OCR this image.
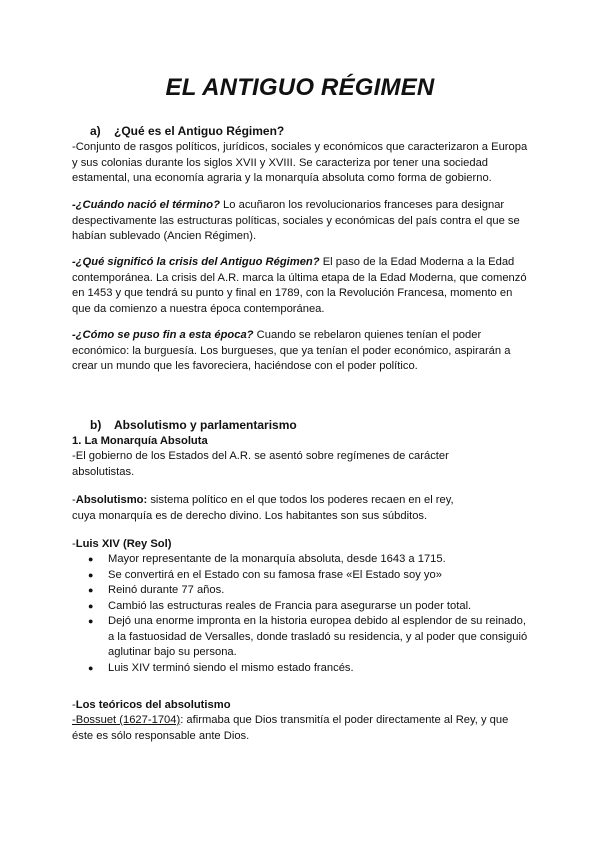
EL ANTIGUO RÉGIMEN
a) ¿Qué es el Antiguo Régimen?

-Conjunto de rasgos políticos, jurídicos, sociales y económicos que caracterizaron a Europa y sus colonias durante los siglos XVII y XVIII. Se caracteriza por tener una sociedad estamental, una economía agraria y la monarquía absoluta como forma de gobierno.

-¿Cuándo nació el término? Lo acuñaron los revolucionarios franceses para designar despectivamente las estructuras políticas, sociales y económicas del país contra el que se habían sublevado (Ancien Régimen).

-¿Qué significó la crisis del Antiguo Régimen? El paso de la Edad Moderna a la Edad contemporánea. La crisis del A.R. marca la última etapa de la Edad Moderna, que comenzó en 1453 y que tendrá su punto y final en 1789, con la Revolución Francesa, momento en que da comienzo a nuestra época contemporánea.

-¿Cómo se puso fin a esta época? Cuando se rebelaron quienes tenían el poder económico: la burguesía. Los burgueses, que ya tenían el poder económico, aspirarán a crear un mundo que les favoreciera, haciéndose con el poder político.

b) Absolutismo y parlamentarismo

1. La Monarquía Absoluta

-El gobierno de los Estados del A.R. se asentó sobre regímenes de carácter absolutistas.

-Absolutismo: sistema político en el que todos los poderes recaen en el rey, cuya monarquía es de derecho divino. Los habitantes son sus súbditos.

-Luis XIV (Rey Sol)

● Mayor representante de la monarquía absoluta, desde 1643 a 1715.
● Se convertirá en el Estado con su famosa frase «El Estado soy yo»
● Reinó durante 77 años.
● Cambió las estructuras reales de Francia para asegurarse un poder total.
● Dejó una enorme impronta en la historia europea debido al esplendor de su reinado, a la fastuosidad de Versalles, donde trasladó su residencia, y al poder que consiguió aglutinar bajo su persona.
● Luis XIV terminó siendo el mismo estado francés.

-Los teóricos del absolutismo

-Bossuet (1627-1704): afirmaba que Dios transmitía el poder directamente al Rey, y que éste es sólo responsable ante Dios.
